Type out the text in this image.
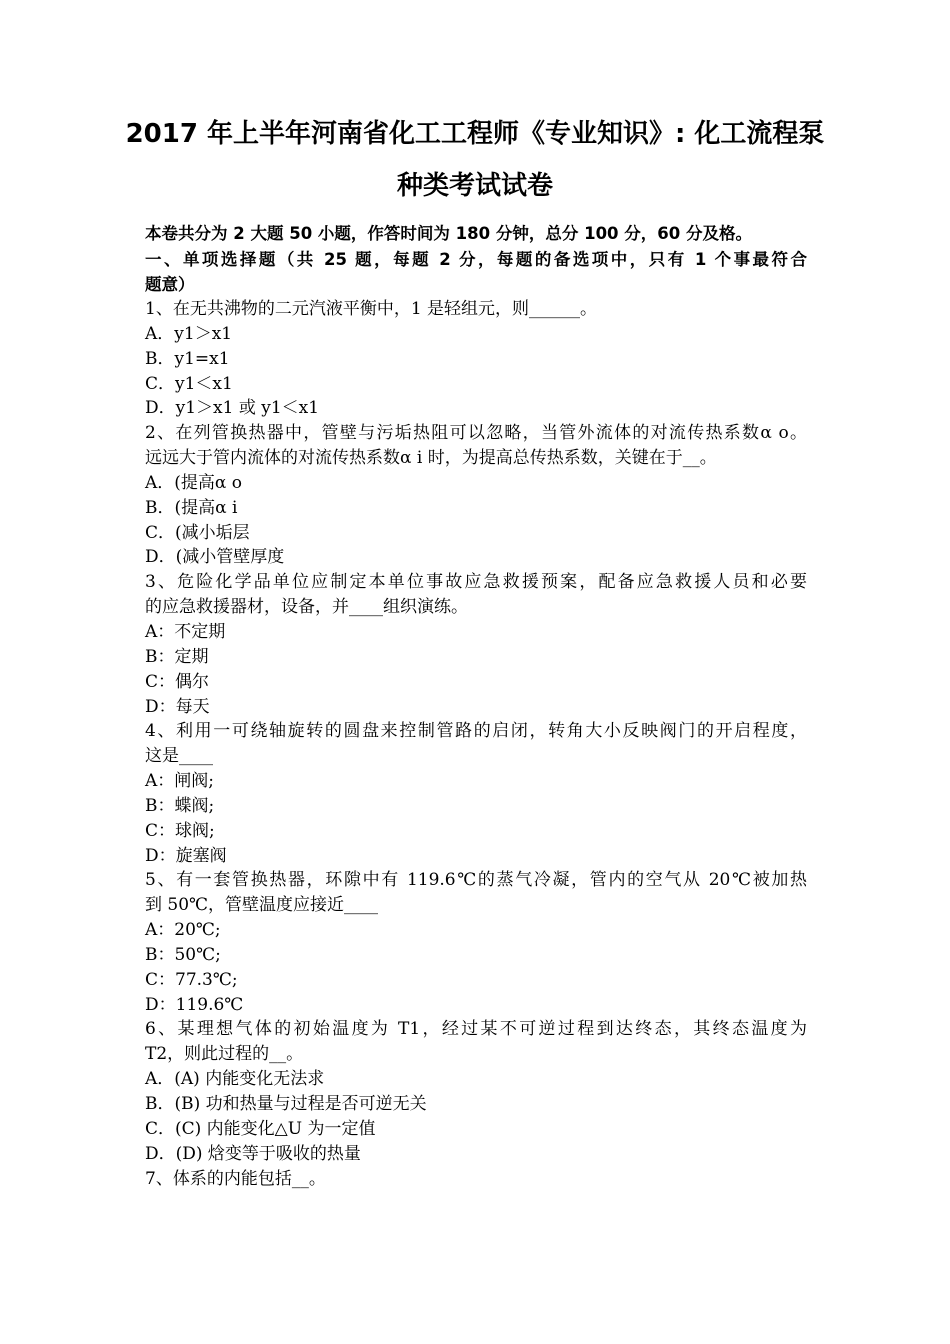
2017 年上半年河南省化工工程师《专业知识》: 化工流程泵
种类考试试卷
本卷共分为 2 大题 50 小题，作答时间为 180 分钟，总分 100 分，60 分及格。
一、单项选择题（共 25 题，每题 2 分，每题的备选项中，只有 1 个事最符合
题意）
1、在无共沸物的二元汽液平衡中，1 是轻组元，则______。
A．y1＞x1
B．y1=x1
C．y1＜x1
D．y1＞x1 或 y1＜x1
2、在列管换热器中，管壁与污垢热阻可以忽略，当管外流体的对流传热系数α o。
远远大于管内流体的对流传热系数α i 时，为提高总传热系数，关键在于__。
A．(提高α o
B．(提高α i
C．(减小垢层
D．(减小管壁厚度
3、危险化学品单位应制定本单位事故应急救援预案，配备应急救援人员和必要
的应急救援器材，设备，并____组织演练。
A：不定期
B：定期
C：偶尔
D：每天
4、利用一可绕轴旋转的圆盘来控制管路的启闭，转角大小反映阀门的开启程度，
这是____
A：闸阀;
B：蝶阀;
C：球阀;
D：旋塞阀
5、有一套管换热器，环隙中有 119.6℃的蒸气冷凝，管内的空气从 20℃被加热
到 50℃，管壁温度应接近____
A：20℃;
B：50℃;
C：77.3℃;
D：119.6℃
6、某理想气体的初始温度为 T1，经过某不可逆过程到达终态，其终态温度为
T2，则此过程的__。
A．(A) 内能变化无法求
B．(B) 功和热量与过程是否可逆无关
C．(C) 内能变化△U 为一定值
D．(D) 焓变等于吸收的热量
7、体系的内能包括__。
